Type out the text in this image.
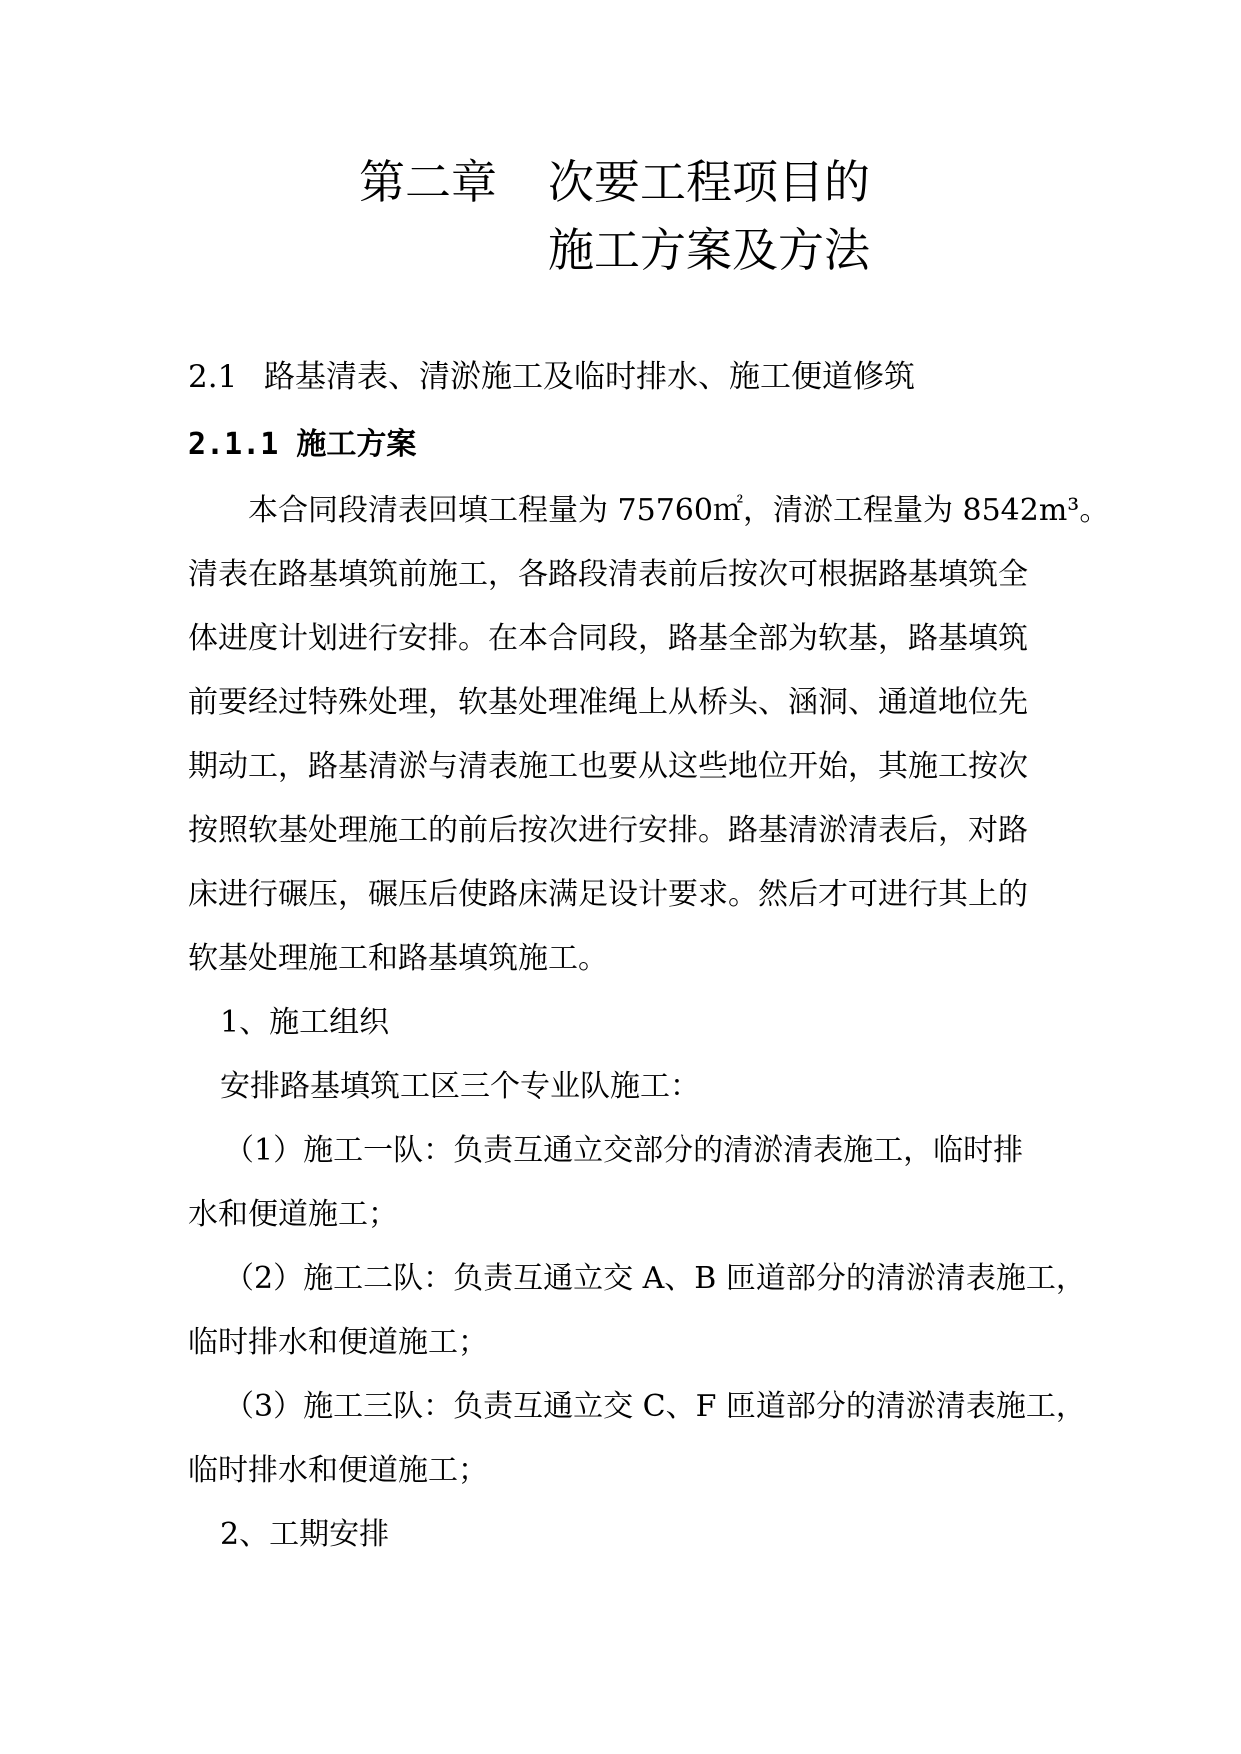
第二章 次要工程项目的
施工方案及方法
2.1 路基清表、清淤施工及临时排水、施工便道修筑
2.1.1 施工方案
本合同段清表回填工程量为 75760㎡，清淤工程量为 8542m³。
清表在路基填筑前施工，各路段清表前后按次可根据路基填筑全
体进度计划进行安排。在本合同段，路基全部为软基，路基填筑
前要经过特殊处理，软基处理准绳上从桥头、涵洞、通道地位先
期动工，路基清淤与清表施工也要从这些地位开始，其施工按次
按照软基处理施工的前后按次进行安排。路基清淤清表后，对路
床进行碾压，碾压后使路床满足设计要求。然后才可进行其上的
软基处理施工和路基填筑施工。
1、施工组织
安排路基填筑工区三个专业队施工：
（1）施工一队：负责互通立交部分的清淤清表施工，临时排
水和便道施工；
（2）施工二队：负责互通立交 A、B 匝道部分的清淤清表施工，
临时排水和便道施工；
（3）施工三队：负责互通立交 C、F 匝道部分的清淤清表施工，
临时排水和便道施工；
2、工期安排
